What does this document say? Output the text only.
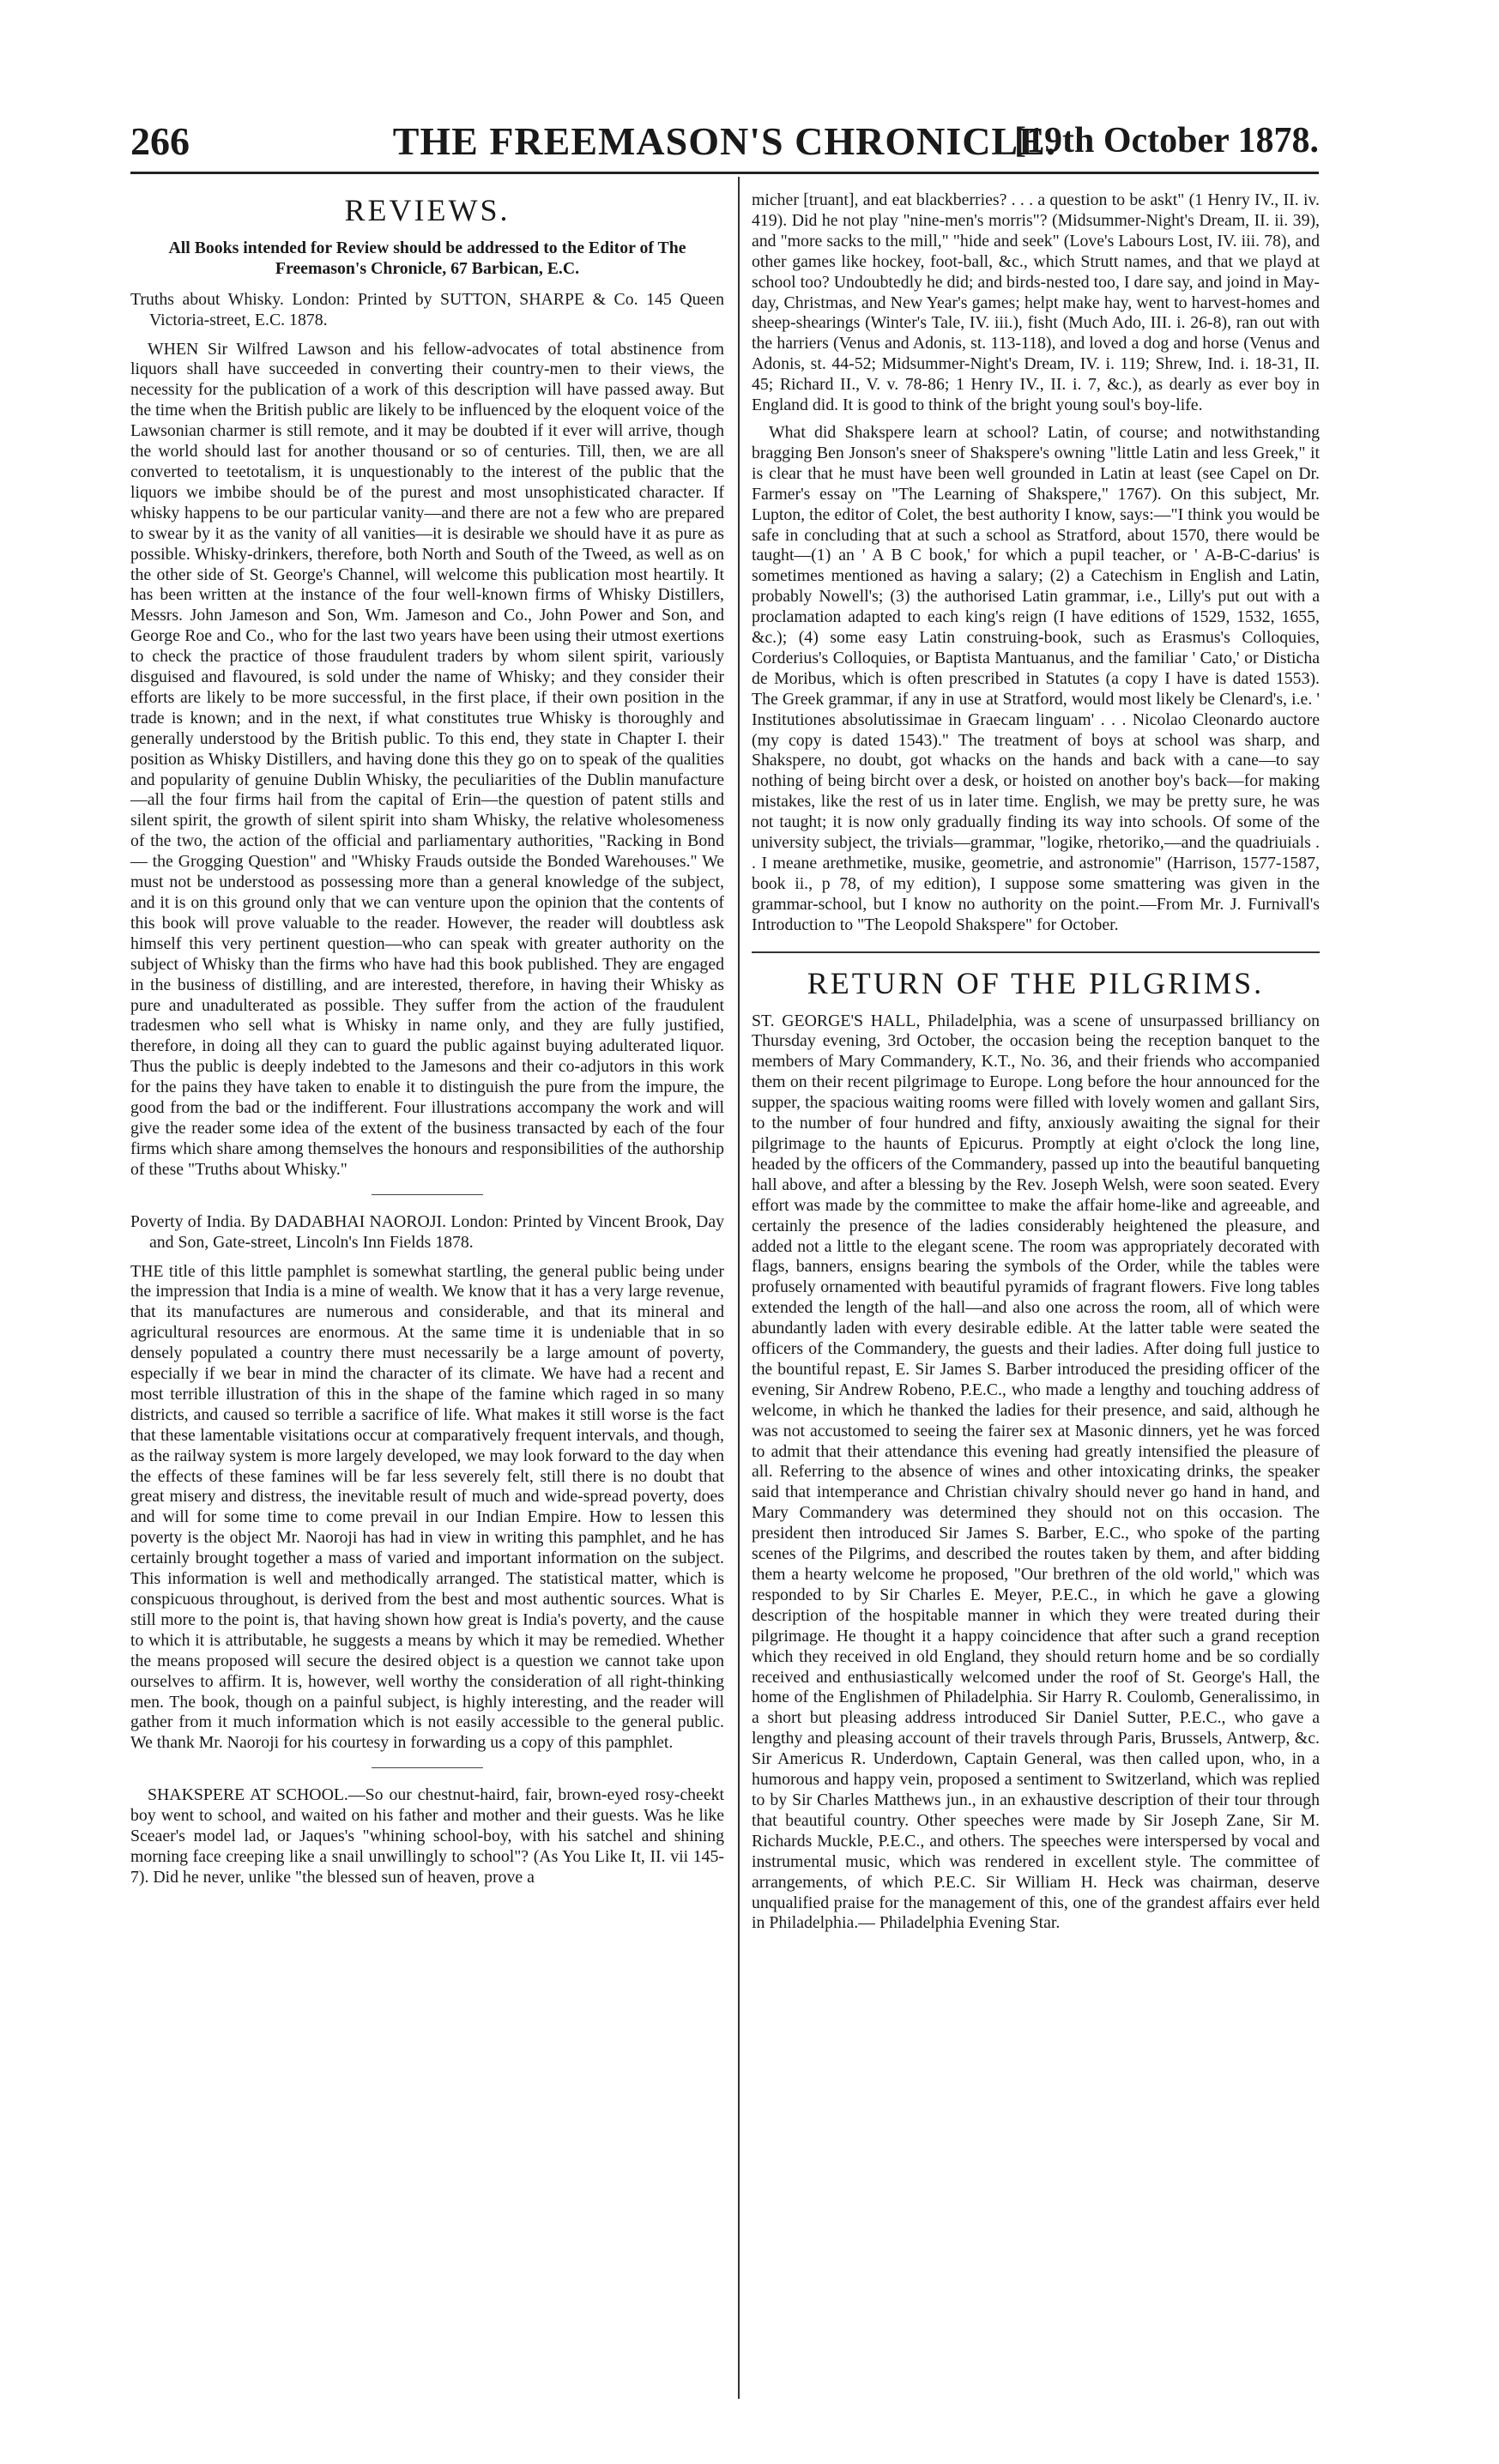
266	THE FREEMASON'S CHRONICLE.
[19th October 1878.
REVIEWS.
All Books intended for Review should be addressed to the Editor of The Freemason's Chronicle, 67 Barbican, E.C.
Truths about Whisky. London: Printed by SUTTON, SHARPE & Co. 145 Queen Victoria-street, E.C. 1878.

WHEN Sir Wilfred Lawson and his fellow-advocates of total abstinence from liquors shall have succeeded in converting their country-men to their views, the necessity for the publication of a work of this description will have passed away. But the time when the British public are likely to be influenced by the eloquent voice of the Lawsonian charmer is still remote, and it may be doubted if it ever will arrive, though the world should last for another thousand or so of centuries. Till, then, we are all converted to teetotalism, it is unquestionably to the interest of the public that the liquors we imbibe should be of the purest and most unsophisticated character. If whisky happens to be our particular vanity—and there are not a few who are prepared to swear by it as the vanity of all vanities—it is desirable we should have it as pure as possible. Whisky-drinkers, therefore, both North and South of the Tweed, as well as on the other side of St. George's Channel, will welcome this publication most heartily. It has been written at the instance of the four well-known firms of Whisky Distillers, Messrs. John Jameson and Son, Wm. Jameson and Co., John Power and Son, and George Roe and Co., who for the last two years have been using their utmost exertions to check the practice of those fraudulent traders by whom silent spirit, variously disguised and flavoured, is sold under the name of Whisky; and they consider their efforts are likely to be more successful, in the first place, if their own position in the trade is known; and in the next, if what constitutes true Whisky is thoroughly and generally understood by the British public. To this end, they state in Chapter I. their position as Whisky Distillers, and having done this they go on to speak of the qualities and popularity of genuine Dublin Whisky, the peculiarities of the Dublin manufacture—all the four firms hail from the capital of Erin—the question of patent stills and silent spirit, the growth of silent spirit into sham Whisky, the relative wholesomeness of the two, the action of the official and parliamentary authorities, "Racking in Bond — the Grogging Question" and "Whisky Frauds outside the Bonded Warehouses." We must not be understood as possessing more than a general knowledge of the subject, and it is on this ground only that we can venture upon the opinion that the contents of this book will prove valuable to the reader. However, the reader will doubtless ask himself this very pertinent question—who can speak with greater authority on the subject of Whisky than the firms who have had this book published. They are engaged in the business of distilling, and are interested, therefore, in having their Whisky as pure and unadulterated as possible. They suffer from the action of the fraudulent tradesmen who sell what is Whisky in name only, and they are fully justified, therefore, in doing all they can to guard the public against buying adulterated liquor. Thus the public is deeply indebted to the Jamesons and their co-adjutors in this work for the pains they have taken to enable it to distinguish the pure from the impure, the good from the bad or the indifferent. Four illustrations accompany the work and will give the reader some idea of the extent of the business transacted by each of the four firms which share among themselves the honours and responsibilities of the authorship of these "Truths about Whisky."

Poverty of India. By DADABHAI NAOROJI. London: Printed by Vincent Brook, Day and Son, Gate-street, Lincoln's Inn Fields 1878.

THE title of this little pamphlet is somewhat startling, the general public being under the impression that India is a mine of wealth. We know that it has a very large revenue, that its manufactures are numerous and considerable, and that its mineral and agricultural resources are enormous. At the same time it is undeniable that in so densely populated a country there must necessarily be a large amount of poverty, especially if we bear in mind the character of its climate. We have had a recent and most terrible illustration of this in the shape of the famine which raged in so many districts, and caused so terrible a sacrifice of life. What makes it still worse is the fact that these lamentable visitations occur at comparatively frequent intervals, and though, as the railway system is more largely developed, we may look forward to the day when the effects of these famines will be far less severely felt, still there is no doubt that great misery and distress, the inevitable result of much and wide-spread poverty, does and will for some time to come prevail in our Indian Empire. How to lessen this poverty is the object Mr. Naoroji has had in view in writing this pamphlet, and he has certainly brought together a mass of varied and important information on the subject. This information is well and methodically arranged. The statistical matter, which is conspicuous throughout, is derived from the best and most authentic sources. What is still more to the point is, that having shown how great is India's poverty, and the cause to which it is attributable, he suggests a means by which it may be remedied. Whether the means proposed will secure the desired object is a question we cannot take upon ourselves to affirm. It is, however, well worthy the consideration of all right-thinking men. The book, though on a painful subject, is highly interesting, and the reader will gather from it much information which is not easily accessible to the general public. We thank Mr. Naoroji for his courtesy in forwarding us a copy of this pamphlet.

SHAKSPERE AT SCHOOL.—So our chestnut-haird, fair, brown-eyed rosy-cheekt boy went to school, and waited on his father and mother and their guests. Was he like Sceaer's model lad, or Jaques's "whining school-boy, with his satchel and shining morning face creeping like a snail unwillingly to school"? (As You Like It, II. vii 145-7). Did he never, unlike "the blessed sun of heaven, prove a

micher [truant], and eat blackberries? . . . a question to be askt" (1 Henry IV., II. iv. 419). Did he not play "nine-men's morris"? (Midsummer-Night's Dream, II. ii. 39), and "more sacks to the mill," "hide and seek" (Love's Labours Lost, IV. iii. 78), and other games like hockey, foot-ball, &c., which Strutt names, and that we playd at school too? Undoubtedly he did; and birds-nested too, I dare say, and joind in May-day, Christmas, and New Year's games; helpt make hay, went to harvest-homes and sheep-shearings (Winter's Tale, IV. iii.), fisht (Much Ado, III. i. 26-8), ran out with the harriers (Venus and Adonis, st. 113-118), and loved a dog and horse (Venus and Adonis, st. 44-52; Midsummer-Night's Dream, IV. i. 119; Shrew, Ind. i. 18-31, II. 45; Richard II., V. v. 78-86; 1 Henry IV., II. i. 7, &c.), as dearly as ever boy in England did. It is good to think of the bright young soul's boy-life.

What did Shakspere learn at school? Latin, of course; and notwithstanding bragging Ben Jonson's sneer of Shakspere's owning "little Latin and less Greek," it is clear that he must have been well grounded in Latin at least (see Capel on Dr. Farmer's essay on "The Learning of Shakspere," 1767). On this subject, Mr. Lupton, the editor of Colet, the best authority I know, says:—"I think you would be safe in concluding that at such a school as Stratford, about 1570, there would be taught—(1) an ' A B C book,' for which a pupil teacher, or ' A-B-C-darius' is sometimes mentioned as having a salary; (2) a Catechism in English and Latin, probably Nowell's; (3) the authorised Latin grammar, i.e., Lilly's put out with a proclamation adapted to each king's reign (I have editions of 1529, 1532, 1655, &c.); (4) some easy Latin construing-book, such as Erasmus's Colloquies, Corderius's Colloquies, or Baptista Mantuanus, and the familiar ' Cato,' or Disticha de Moribus, which is often prescribed in Statutes (a copy I have is dated 1553). The Greek grammar, if any in use at Stratford, would most likely be Clenard's, i.e. ' Institutiones absolutissimae in Graecam linguam' . . . Nicolao Cleonardo auctore (my copy is dated 1543)." The treatment of boys at school was sharp, and Shakspere, no doubt, got whacks on the hands and back with a cane—to say nothing of being bircht over a desk, or hoisted on another boy's back—for making mistakes, like the rest of us in later time. English, we may be pretty sure, he was not taught; it is now only gradually finding its way into schools. Of some of the university subject, the trivials—grammar, "logike, rhetoriko,—and the quadriuials . . I meane arethmetike, musike, geometrie, and astronomie" (Harrison, 1577-1587, book ii., p 78, of my edition), I suppose some smattering was given in the grammar-school, but I know no authority on the point.—From Mr. J. Furnivall's Introduction to "The Leopold Shakspere" for October.

RETURN OF THE PILGRIMS.

ST. GEORGE'S HALL, Philadelphia, was a scene of unsurpassed brilliancy on Thursday evening, 3rd October, the occasion being the reception banquet to the members of Mary Commandery, K.T., No. 36, and their friends who accompanied them on their recent pilgrimage to Europe. Long before the hour announced for the supper, the spacious waiting rooms were filled with lovely women and gallant Sirs, to the number of four hundred and fifty, anxiously awaiting the signal for their pilgrimage to the haunts of Epicurus. Promptly at eight o'clock the long line, headed by the officers of the Commandery, passed up into the beautiful banqueting hall above, and after a blessing by the Rev. Joseph Welsh, were soon seated. Every effort was made by the committee to make the affair home-like and agreeable, and certainly the presence of the ladies considerably heightened the pleasure, and added not a little to the elegant scene. The room was appropriately decorated with flags, banners, ensigns bearing the symbols of the Order, while the tables were profusely ornamented with beautiful pyramids of fragrant flowers. Five long tables extended the length of the hall—and also one across the room, all of which were abundantly laden with every desirable edible. At the latter table were seated the officers of the Commandery, the guests and their ladies. After doing full justice to the bountiful repast, E. Sir James S. Barber introduced the presiding officer of the evening, Sir Andrew Robeno, P.E.C., who made a lengthy and touching address of welcome, in which he thanked the ladies for their presence, and said, although he was not accustomed to seeing the fairer sex at Masonic dinners, yet he was forced to admit that their attendance this evening had greatly intensified the pleasure of all. Referring to the absence of wines and other intoxicating drinks, the speaker said that intemperance and Christian chivalry should never go hand in hand, and Mary Commandery was determined they should not on this occasion. The president then introduced Sir James S. Barber, E.C., who spoke of the parting scenes of the Pilgrims, and described the routes taken by them, and after bidding them a hearty welcome he proposed, "Our brethren of the old world," which was responded to by Sir Charles E. Meyer, P.E.C., in which he gave a glowing description of the hospitable manner in which they were treated during their pilgrimage. He thought it a happy coincidence that after such a grand reception which they received in old England, they should return home and be so cordially received and enthusiastically welcomed under the roof of St. George's Hall, the home of the Englishmen of Philadelphia. Sir Harry R. Coulomb, Generalissimo, in a short but pleasing address introduced Sir Daniel Sutter, P.E.C., who gave a lengthy and pleasing account of their travels through Paris, Brussels, Antwerp, &c. Sir Americus R. Underdown, Captain General, was then called upon, who, in a humorous and happy vein, proposed a sentiment to Switzerland, which was replied to by Sir Charles Matthews jun., in an exhaustive description of their tour through that beautiful country. Other speeches were made by Sir Joseph Zane, Sir M. Richards Muckle, P.E.C., and others. The speeches were interspersed by vocal and instrumental music, which was rendered in excellent style. The committee of arrangements, of which P.E.C. Sir William H. Heck was chairman, deserve unqualified praise for the management of this, one of the grandest affairs ever held in Philadelphia.— Philadelphia Evening Star.
